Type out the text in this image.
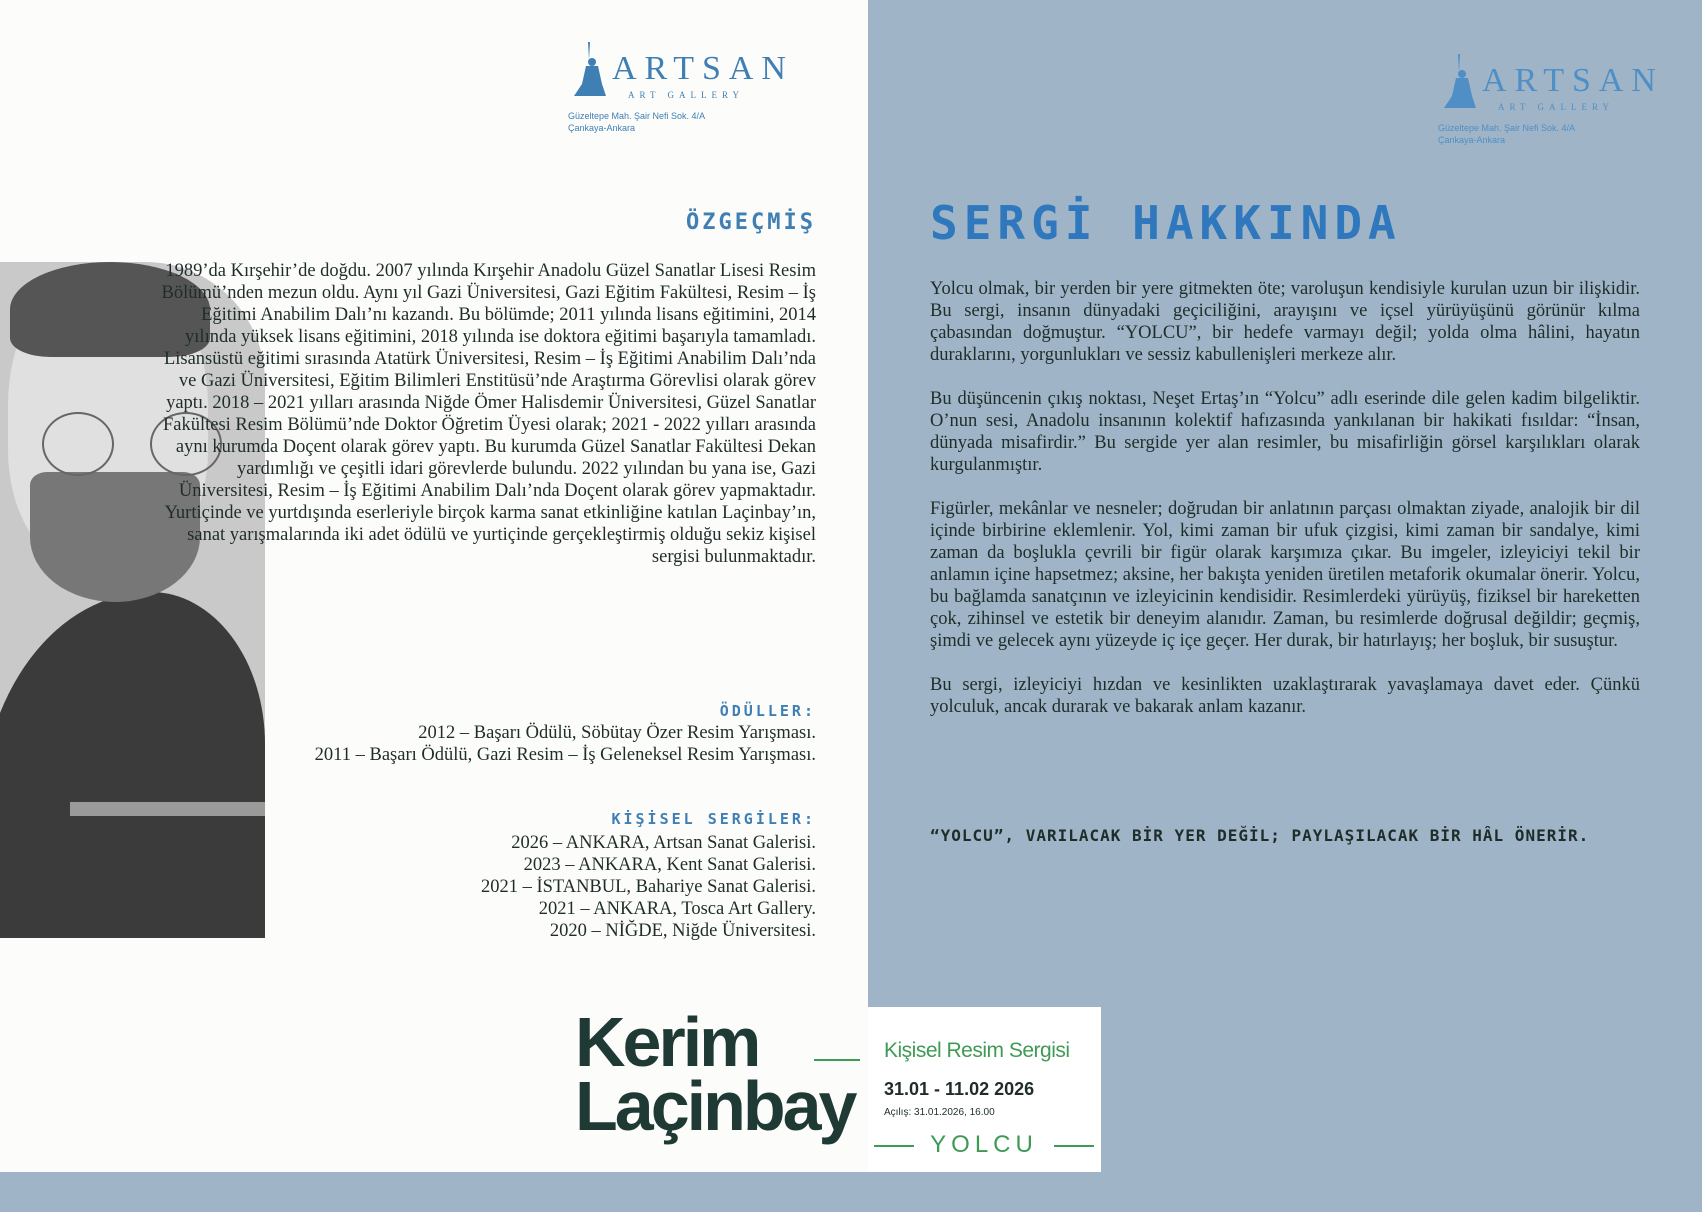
ARTSAN
ART GALLERY
Güzeltepe Mah. Şair Nefi Sok. 4/A
Çankaya-Ankara
ARTSAN
ART GALLERY
Güzeltepe Mah. Şair Nefi Sok. 4/A
Çankaya-Ankara
ÖZGEÇMİŞ

1989’da Kırşehir’de doğdu. 2007 yılında Kırşehir Anadolu Güzel Sanatlar Lisesi Resim Bölümü’nden mezun oldu. Aynı yıl Gazi Üniversitesi, Gazi Eğitim Fakültesi, Resim – İş Eğitimi Anabilim Dalı’nı kazandı. Bu bölümde; 2011 yılında lisans eğitimini, 2014 yılında yüksek lisans eğitimini, 2018 yılında ise doktora eğitimi başarıyla tamamladı. Lisansüstü eğitimi sırasında Atatürk Üniversitesi, Resim – İş Eğitimi Anabilim Dalı’nda ve Gazi Üniversitesi, Eğitim Bilimleri Enstitüsü’nde Araştırma Görevlisi olarak görev yaptı. 2018 – 2021 yılları arasında Niğde Ömer Halisdemir Üniversitesi, Güzel Sanatlar Fakültesi Resim Bölümü’nde Doktor Öğretim Üyesi olarak; 2021 - 2022 yılları arasında aynı kurumda Doçent olarak görev yaptı. Bu kurumda Güzel Sanatlar Fakültesi Dekan yardımlığı ve çeşitli idari görevlerde bulundu. 2022 yılından bu yana ise, Gazi Üniversitesi, Resim – İş Eğitimi Anabilim Dalı’nda Doçent olarak görev yapmaktadır. Yurtiçinde ve yurtdışında eserleriyle birçok karma sanat etkinliğine katılan Laçinbay’ın, sanat yarışmalarında iki adet ödülü ve yurtiçinde gerçekleştirmiş olduğu sekiz kişisel sergisi bulunmaktadır.

ÖDÜLLER:
2012 – Başarı Ödülü, Söbütay Özer Resim Yarışması.
2011 – Başarı Ödülü, Gazi Resim – İş Geleneksel Resim Yarışması.
KİŞİSEL SERGİLER:
2026 – ANKARA, Artsan Sanat Galerisi.
2023 – ANKARA, Kent Sanat Galerisi.
2021 – İSTANBUL, Bahariye Sanat Galerisi.
2021 – ANKARA, Tosca Art Gallery.
2020 – NİĞDE, Niğde Üniversitesi.
SERGİ HAKKINDA

Yolcu olmak, bir yerden bir yere gitmekten öte; varoluşun kendisiyle kurulan uzun bir ilişkidir. Bu sergi, insanın dünyadaki geçiciliğini, arayışını ve içsel yürüyüşünü görünür kılma çabasından doğmuştur. “YOLCU”, bir hedefe varmayı değil; yolda olma hâlini, hayatın duraklarını, yorgunlukları ve sessiz kabullenişleri merkeze alır.

Bu düşüncenin çıkış noktası, Neşet Ertaş’ın “Yolcu” adlı eserinde dile gelen kadim bilgeliktir. O’nun sesi, Anadolu insanının kolektif hafızasında yankılanan bir hakikati fısıldar: “İnsan, dünyada misafirdir.” Bu sergide yer alan resimler, bu misafirliğin görsel karşılıkları olarak kurgulanmıştır.

Figürler, mekânlar ve nesneler; doğrudan bir anlatının parçası olmaktan ziyade, analojik bir dil içinde birbirine eklemlenir. Yol, kimi zaman bir ufuk çizgisi, kimi zaman bir sandalye, kimi zaman da boşlukla çevrili bir figür olarak karşımıza çıkar. Bu imgeler, izleyiciyi tekil bir anlamın içine hapsetmez; aksine, her bakışta yeniden üretilen metaforik okumalar önerir. Yolcu, bu bağlamda sanatçının ve izleyicinin kendisidir. Resimlerdeki yürüyüş, fiziksel bir hareketten çok, zihinsel ve estetik bir deneyim alanıdır. Zaman, bu resimlerde doğrusal değildir; geçmiş, şimdi ve gelecek aynı yüzeyde iç içe geçer. Her durak, bir hatırlayış; her boşluk, bir susuştur.

Bu sergi, izleyiciyi hızdan ve kesinlikten uzaklaştırarak yavaşlamaya davet eder. Çünkü yolculuk, ancak durarak ve bakarak anlam kazanır.

“YOLCU”, VARILACAK BİR YER DEĞİL; PAYLAŞILACAK BİR HÂL ÖNERİR.
Kerim
Laçinbay
Kişisel Resim Sergisi
31.01 - 11.02 2026
Açılış: 31.01.2026, 16.00
YOLCU
